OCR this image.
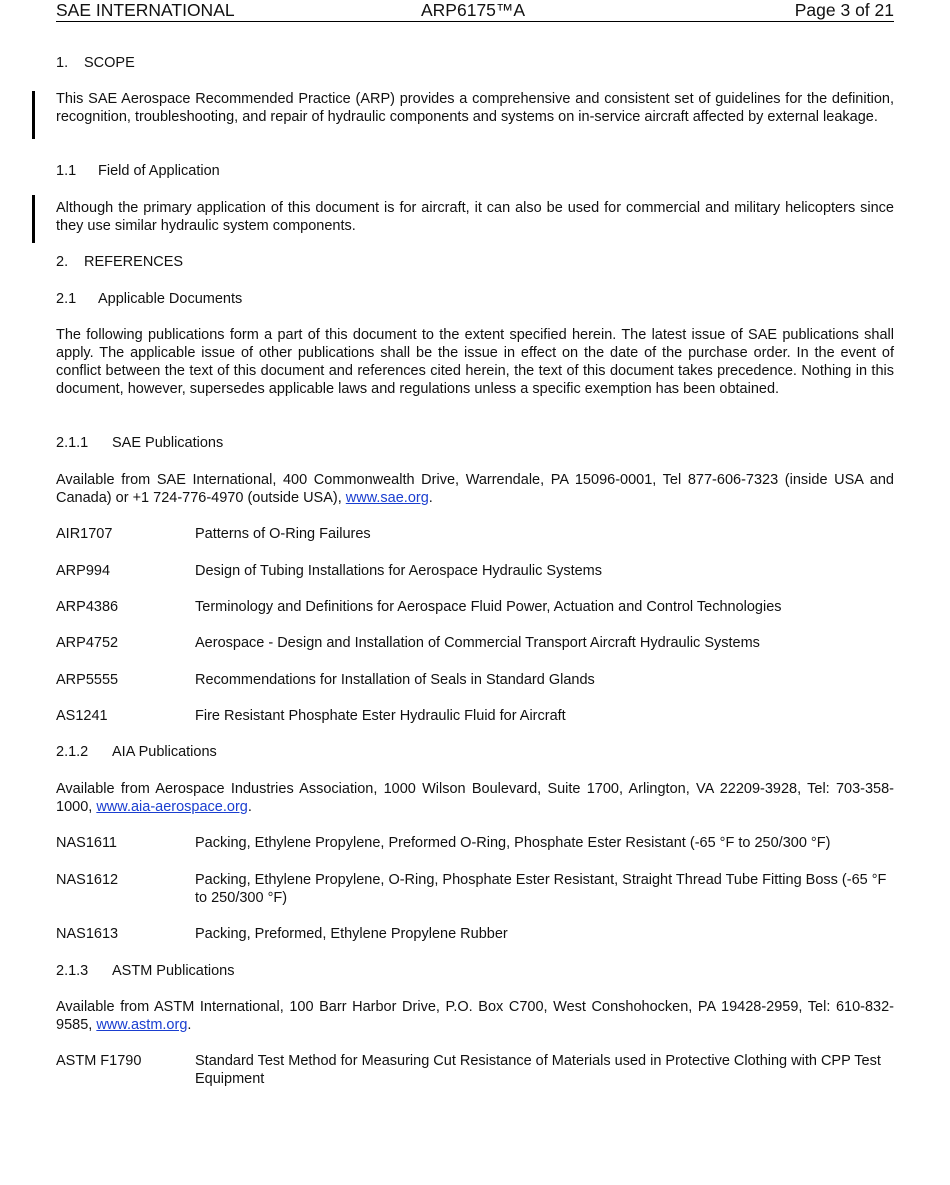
SAE INTERNATIONAL	ARP6175™A	Page 3 of 21
1. SCOPE
This SAE Aerospace Recommended Practice (ARP) provides a comprehensive and consistent set of guidelines for the definition, recognition, troubleshooting, and repair of hydraulic components and systems on in-service aircraft affected by external leakage.
1.1 Field of Application
Although the primary application of this document is for aircraft, it can also be used for commercial and military helicopters since they use similar hydraulic system components.
2. REFERENCES
2.1 Applicable Documents
The following publications form a part of this document to the extent specified herein. The latest issue of SAE publications shall apply. The applicable issue of other publications shall be the issue in effect on the date of the purchase order. In the event of conflict between the text of this document and references cited herein, the text of this document takes precedence. Nothing in this document, however, supersedes applicable laws and regulations unless a specific exemption has been obtained.
2.1.1 SAE Publications
Available from SAE International, 400 Commonwealth Drive, Warrendale, PA 15096-0001, Tel 877-606-7323 (inside USA and Canada) or +1 724-776-4970 (outside USA), www.sae.org.
AIR1707	Patterns of O-Ring Failures
ARP994	Design of Tubing Installations for Aerospace Hydraulic Systems
ARP4386	Terminology and Definitions for Aerospace Fluid Power, Actuation and Control Technologies
ARP4752	Aerospace - Design and Installation of Commercial Transport Aircraft Hydraulic Systems
ARP5555	Recommendations for Installation of Seals in Standard Glands
AS1241	Fire Resistant Phosphate Ester Hydraulic Fluid for Aircraft
2.1.2 AIA Publications
Available from Aerospace Industries Association, 1000 Wilson Boulevard, Suite 1700, Arlington, VA 22209-3928, Tel: 703-358-1000, www.aia-aerospace.org.
NAS1611	Packing, Ethylene Propylene, Preformed O-Ring, Phosphate Ester Resistant (-65 °F to 250/300 °F)
NAS1612	Packing, Ethylene Propylene, O-Ring, Phosphate Ester Resistant, Straight Thread Tube Fitting Boss (-65 °F to 250/300 °F)
NAS1613	Packing, Preformed, Ethylene Propylene Rubber
2.1.3 ASTM Publications
Available from ASTM International, 100 Barr Harbor Drive, P.O. Box C700, West Conshohocken, PA 19428-2959, Tel: 610-832-9585, www.astm.org.
ASTM F1790	Standard Test Method for Measuring Cut Resistance of Materials used in Protective Clothing with CPP Test Equipment
